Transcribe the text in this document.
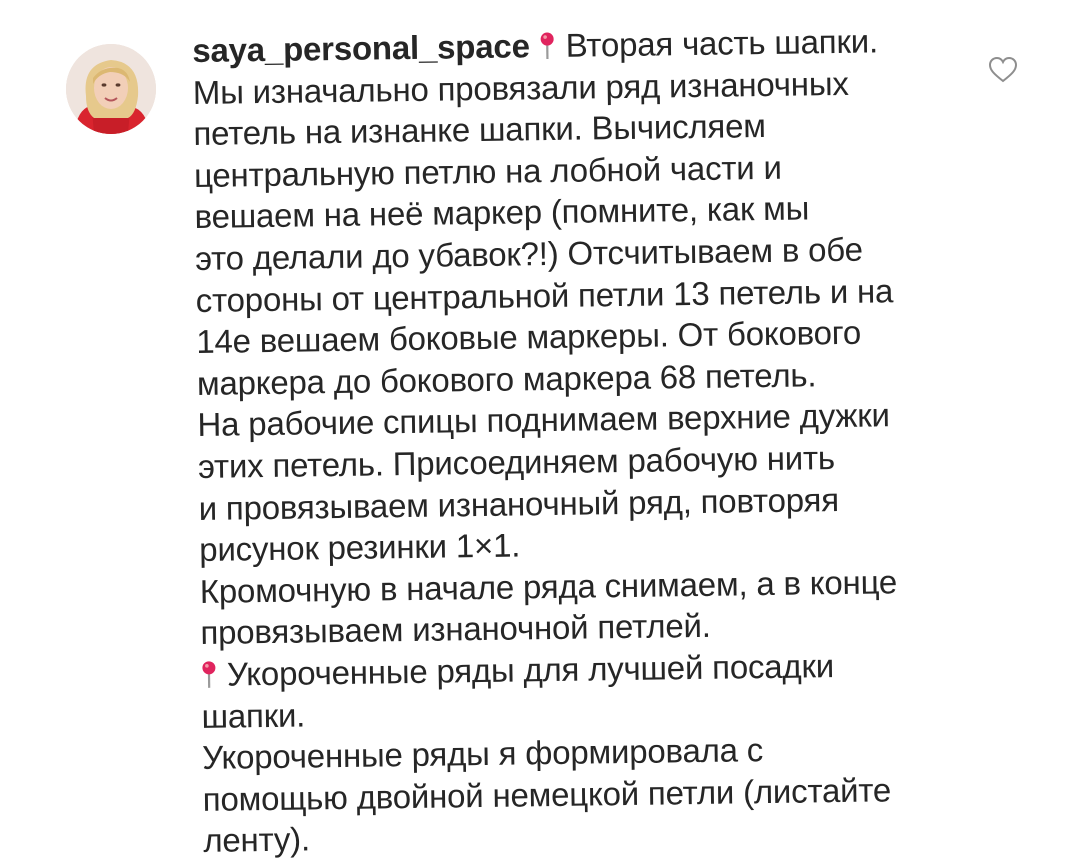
saya_personal_space Вторая часть шапки.
Мы изначально провязали ряд изнаночных
петель на изнанке шапки. Вычисляем
центральную петлю на лобной части и
вешаем на неё маркер (помните, как мы
это делали до убавок?!) Отсчитываем в обе
стороны от центральной петли 13 петель и на
14е вешаем боковые маркеры. От бокового
маркера до бокового маркера 68 петель.
На рабочие спицы поднимаем верхние дужки
этих петель. Присоединяем рабочую нить
и провязываем изнаночный ряд, повторяя
рисунок резинки 1×1.
Кромочную в начале ряда снимаем, а в конце
провязываем изнаночной петлей.
Укороченные ряды для лучшей посадки
шапки.
Укороченные ряды я формировала с
помощью двойной немецкой петли (листайте
ленту).
